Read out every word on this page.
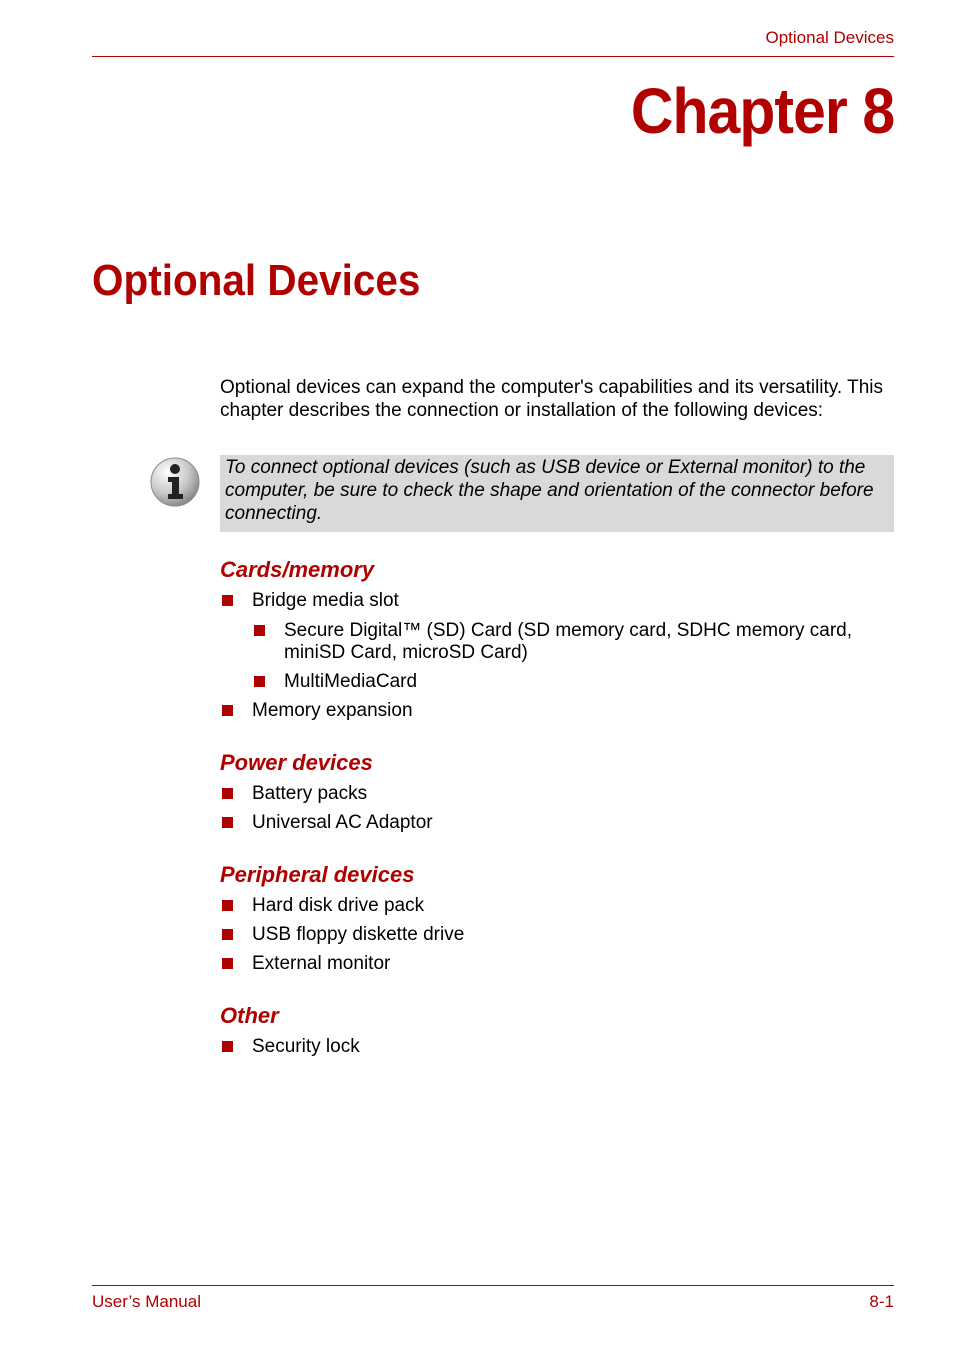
Optional Devices
Chapter 8
Optional Devices
Optional devices can expand the computer's capabilities and its versatility. This chapter describes the connection or installation of the following devices:
To connect optional devices (such as USB device or External monitor) to the computer, be sure to check the shape and orientation of the connector before connecting.
Cards/memory
Bridge media slot
Secure Digital™ (SD) Card (SD memory card, SDHC memory card, miniSD Card, microSD Card)
MultiMediaCard
Memory expansion
Power devices
Battery packs
Universal AC Adaptor
Peripheral devices
Hard disk drive pack
USB floppy diskette drive
External monitor
Other
Security lock
User’s Manual	8-1
